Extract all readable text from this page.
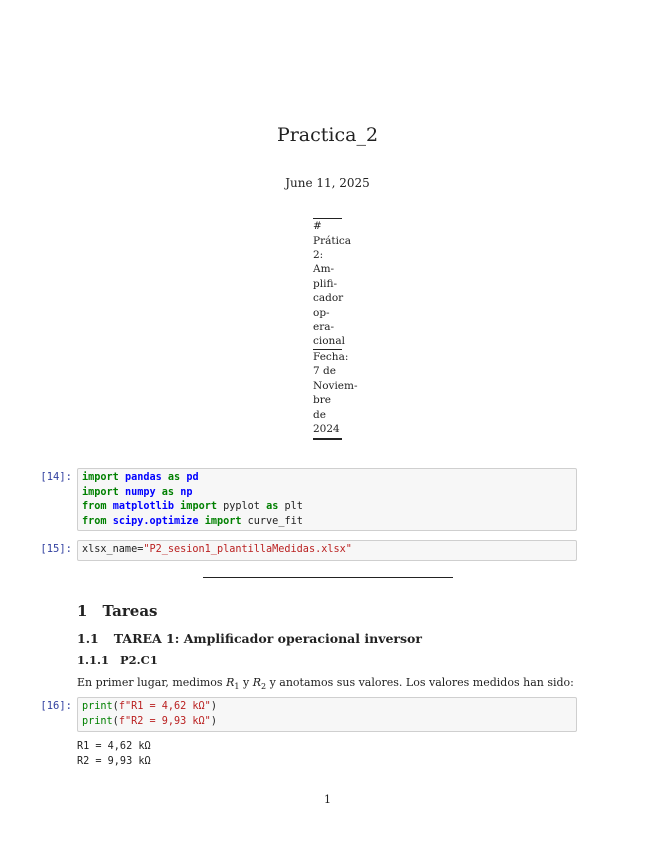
Practica_2
June 11, 2025
#
Prática
2:
Am-
plifi-
cador
op-
era-
cional
Fecha:
7 de
Noviem-
bre
de
2024
[14]: import pandas as pd
import numpy as np
from matplotlib import pyplot as plt
from scipy.optimize import curve_fit
[15]: xlsx_name="P2_sesion1_plantillaMedidas.xlsx"
1 Tareas
1.1 TAREA 1: Amplificador operacional inversor
1.1.1 P2.C1
En primer lugar, medimos $R_1$ y $R_2$ y anotamos sus valores. Los valores medidos han sido:
[16]: print(f"R1 = 4,62 kΩ")
print(f"R2 = 9,93 kΩ")
R1 = 4,62 kΩ
R2 = 9,93 kΩ
1
